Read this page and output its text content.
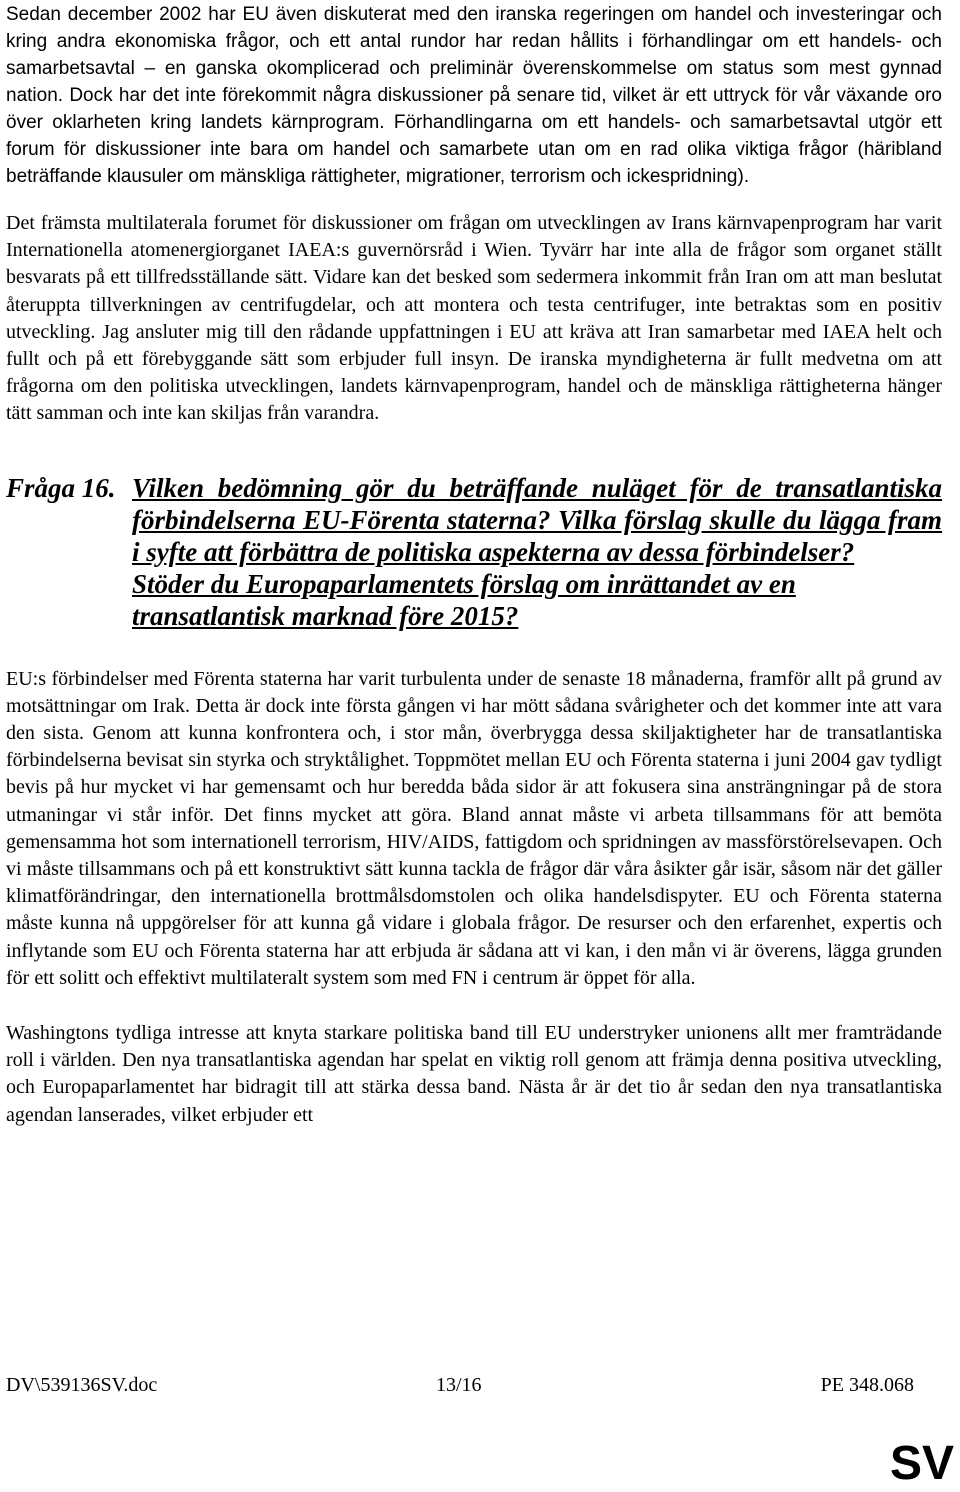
Sedan december 2002 har EU även diskuterat med den iranska regeringen om handel och investeringar och kring andra ekonomiska frågor, och ett antal rundor har redan hållits i förhandlingar om ett handels- och samarbetsavtal – en ganska okomplicerad och preliminär överenskommelse om status som mest gynnad nation. Dock har det inte förekommit några diskussioner på senare tid, vilket är ett uttryck för vår växande oro över oklarheten kring landets kärnprogram. Förhandlingarna om ett handels- och samarbetsavtal utgör ett forum för diskussioner inte bara om handel och samarbete utan om en rad olika viktiga frågor (häribland beträffande klausuler om mänskliga rättigheter, migrationer, terrorism och ickespridning).

Det främsta multilaterala forumet för diskussioner om frågan om utvecklingen av Irans kärnvapenprogram har varit Internationella atomenergiorganet IAEA:s guvernörsråd i Wien. Tyvärr har inte alla de frågor som organet ställt besvarats på ett tillfredsställande sätt. Vidare kan det besked som sedermera inkommit från Iran om att man beslutat återuppta tillverkningen av centrifugdelar, och att montera och testa centrifuger, inte betraktas som en positiv utveckling. Jag ansluter mig till den rådande uppfattningen i EU att kräva att Iran samarbetar med IAEA helt och fullt och på ett förebyggande sätt som erbjuder full insyn. De iranska myndigheterna är fullt medvetna om att frågorna om den politiska utvecklingen, landets kärnvapenprogram, handel och de mänskliga rättigheterna hänger tätt samman och inte kan skiljas från varandra.

Fråga 16. Vilken bedömning gör du beträffande nuläget för de transatlantiska förbindelserna EU-Förenta staterna? Vilka förslag skulle du lägga fram i syfte att förbättra de politiska aspekterna av dessa förbindelser?

Stöder du Europaparlamentets förslag om inrättandet av en transatlantisk marknad före 2015?

EU:s förbindelser med Förenta staterna har varit turbulenta under de senaste 18 månaderna, framför allt på grund av motsättningar om Irak. Detta är dock inte första gången vi har mött sådana svårigheter och det kommer inte att vara den sista. Genom att kunna konfrontera och, i stor mån, överbrygga dessa skiljaktigheter har de transatlantiska förbindelserna bevisat sin styrka och stryktålighet. Toppmötet mellan EU och Förenta staterna i juni 2004 gav tydligt bevis på hur mycket vi har gemensamt och hur beredda båda sidor är att fokusera sina ansträngningar på de stora utmaningar vi står inför. Det finns mycket att göra. Bland annat måste vi arbeta tillsammans för att bemöta gemensamma hot som internationell terrorism, HIV/AIDS, fattigdom och spridningen av massförstörelsevapen. Och vi måste tillsammans och på ett konstruktivt sätt kunna tackla de frågor där våra åsikter går isär, såsom när det gäller klimatförändringar, den internationella brottmålsdomstolen och olika handelsdispyter. EU och Förenta staterna måste kunna nå uppgörelser för att kunna gå vidare i globala frågor. De resurser och den erfarenhet, expertis och inflytande som EU och Förenta staterna har att erbjuda är sådana att vi kan, i den mån vi är överens, lägga grunden för ett solitt och effektivt multilateralt system som med FN i centrum är öppet för alla.

Washingtons tydliga intresse att knyta starkare politiska band till EU understryker unionens allt mer framträdande roll i världen. Den nya transatlantiska agendan har spelat en viktig roll genom att främja denna positiva utveckling, och Europaparlamentet har bidragit till att stärka dessa band. Nästa år är det tio år sedan den nya transatlantiska agendan lanserades, vilket erbjuder ett

DV\539136SV.doc	13/16	PE 348.068
SV
